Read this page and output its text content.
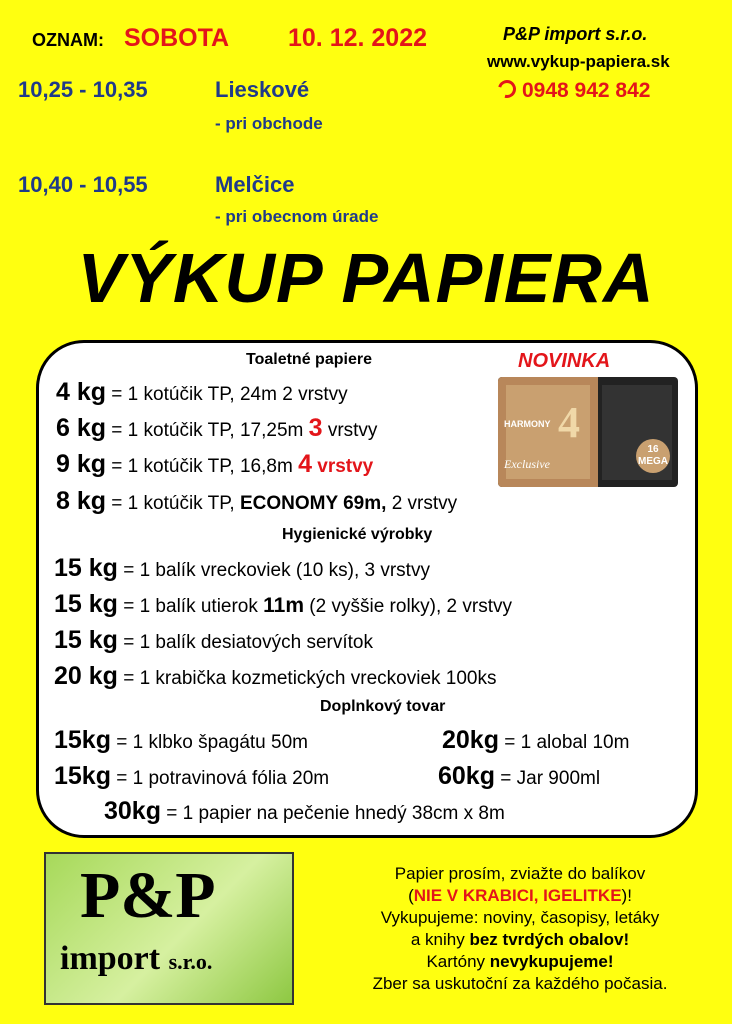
OZNAM: SOBOTA 10. 12. 2022	P&P import s.r.o.
www.vykup-papiera.sk
0948 942 842
10,25 - 10,35	Lieskové
- pri obchode
10,40 - 10,55	Melčice
- pri obecnom úrade
VÝKUP PAPIERA
Toaletné papiere
4 kg = 1 kotúčik TP, 24m 2 vrstvy
6 kg = 1 kotúčik TP, 17,25m 3 vrstvy
9 kg = 1 kotúčik TP, 16,8m 4 vrstvy
8 kg = 1 kotúčik TP, ECONOMY 69m, 2 vrstvy
Hygienické výrobky
15 kg = 1 balík vreckoviek (10 ks), 3 vrstvy
15 kg = 1 balík utierok 11m (2 vyššie rolky), 2 vrstvy
15 kg = 1 balík desiatových servítok
20 kg = 1 krabička kozmetických vreckoviek 100ks
Doplnkový tovar
15kg = 1 klbko špagátu 50m	20kg = 1 alobal 10m
15kg = 1 potravinová fólia 20m	60kg = Jar 900ml
30kg = 1 papier na pečenie hnedý 38cm x 8m
NOVINKA
4
HARMONY
Exclusive
16 MEGA
P&P
import s.r.o.
Papier prosím, zviažte do balíkov
(NIE V KRABICI, IGELITKE)!
Vykupujeme: noviny, časopisy, letáky
a knihy bez tvrdých obalov!
Kartóny nevykupujeme!
Zber sa uskutoční za každého počasia.
